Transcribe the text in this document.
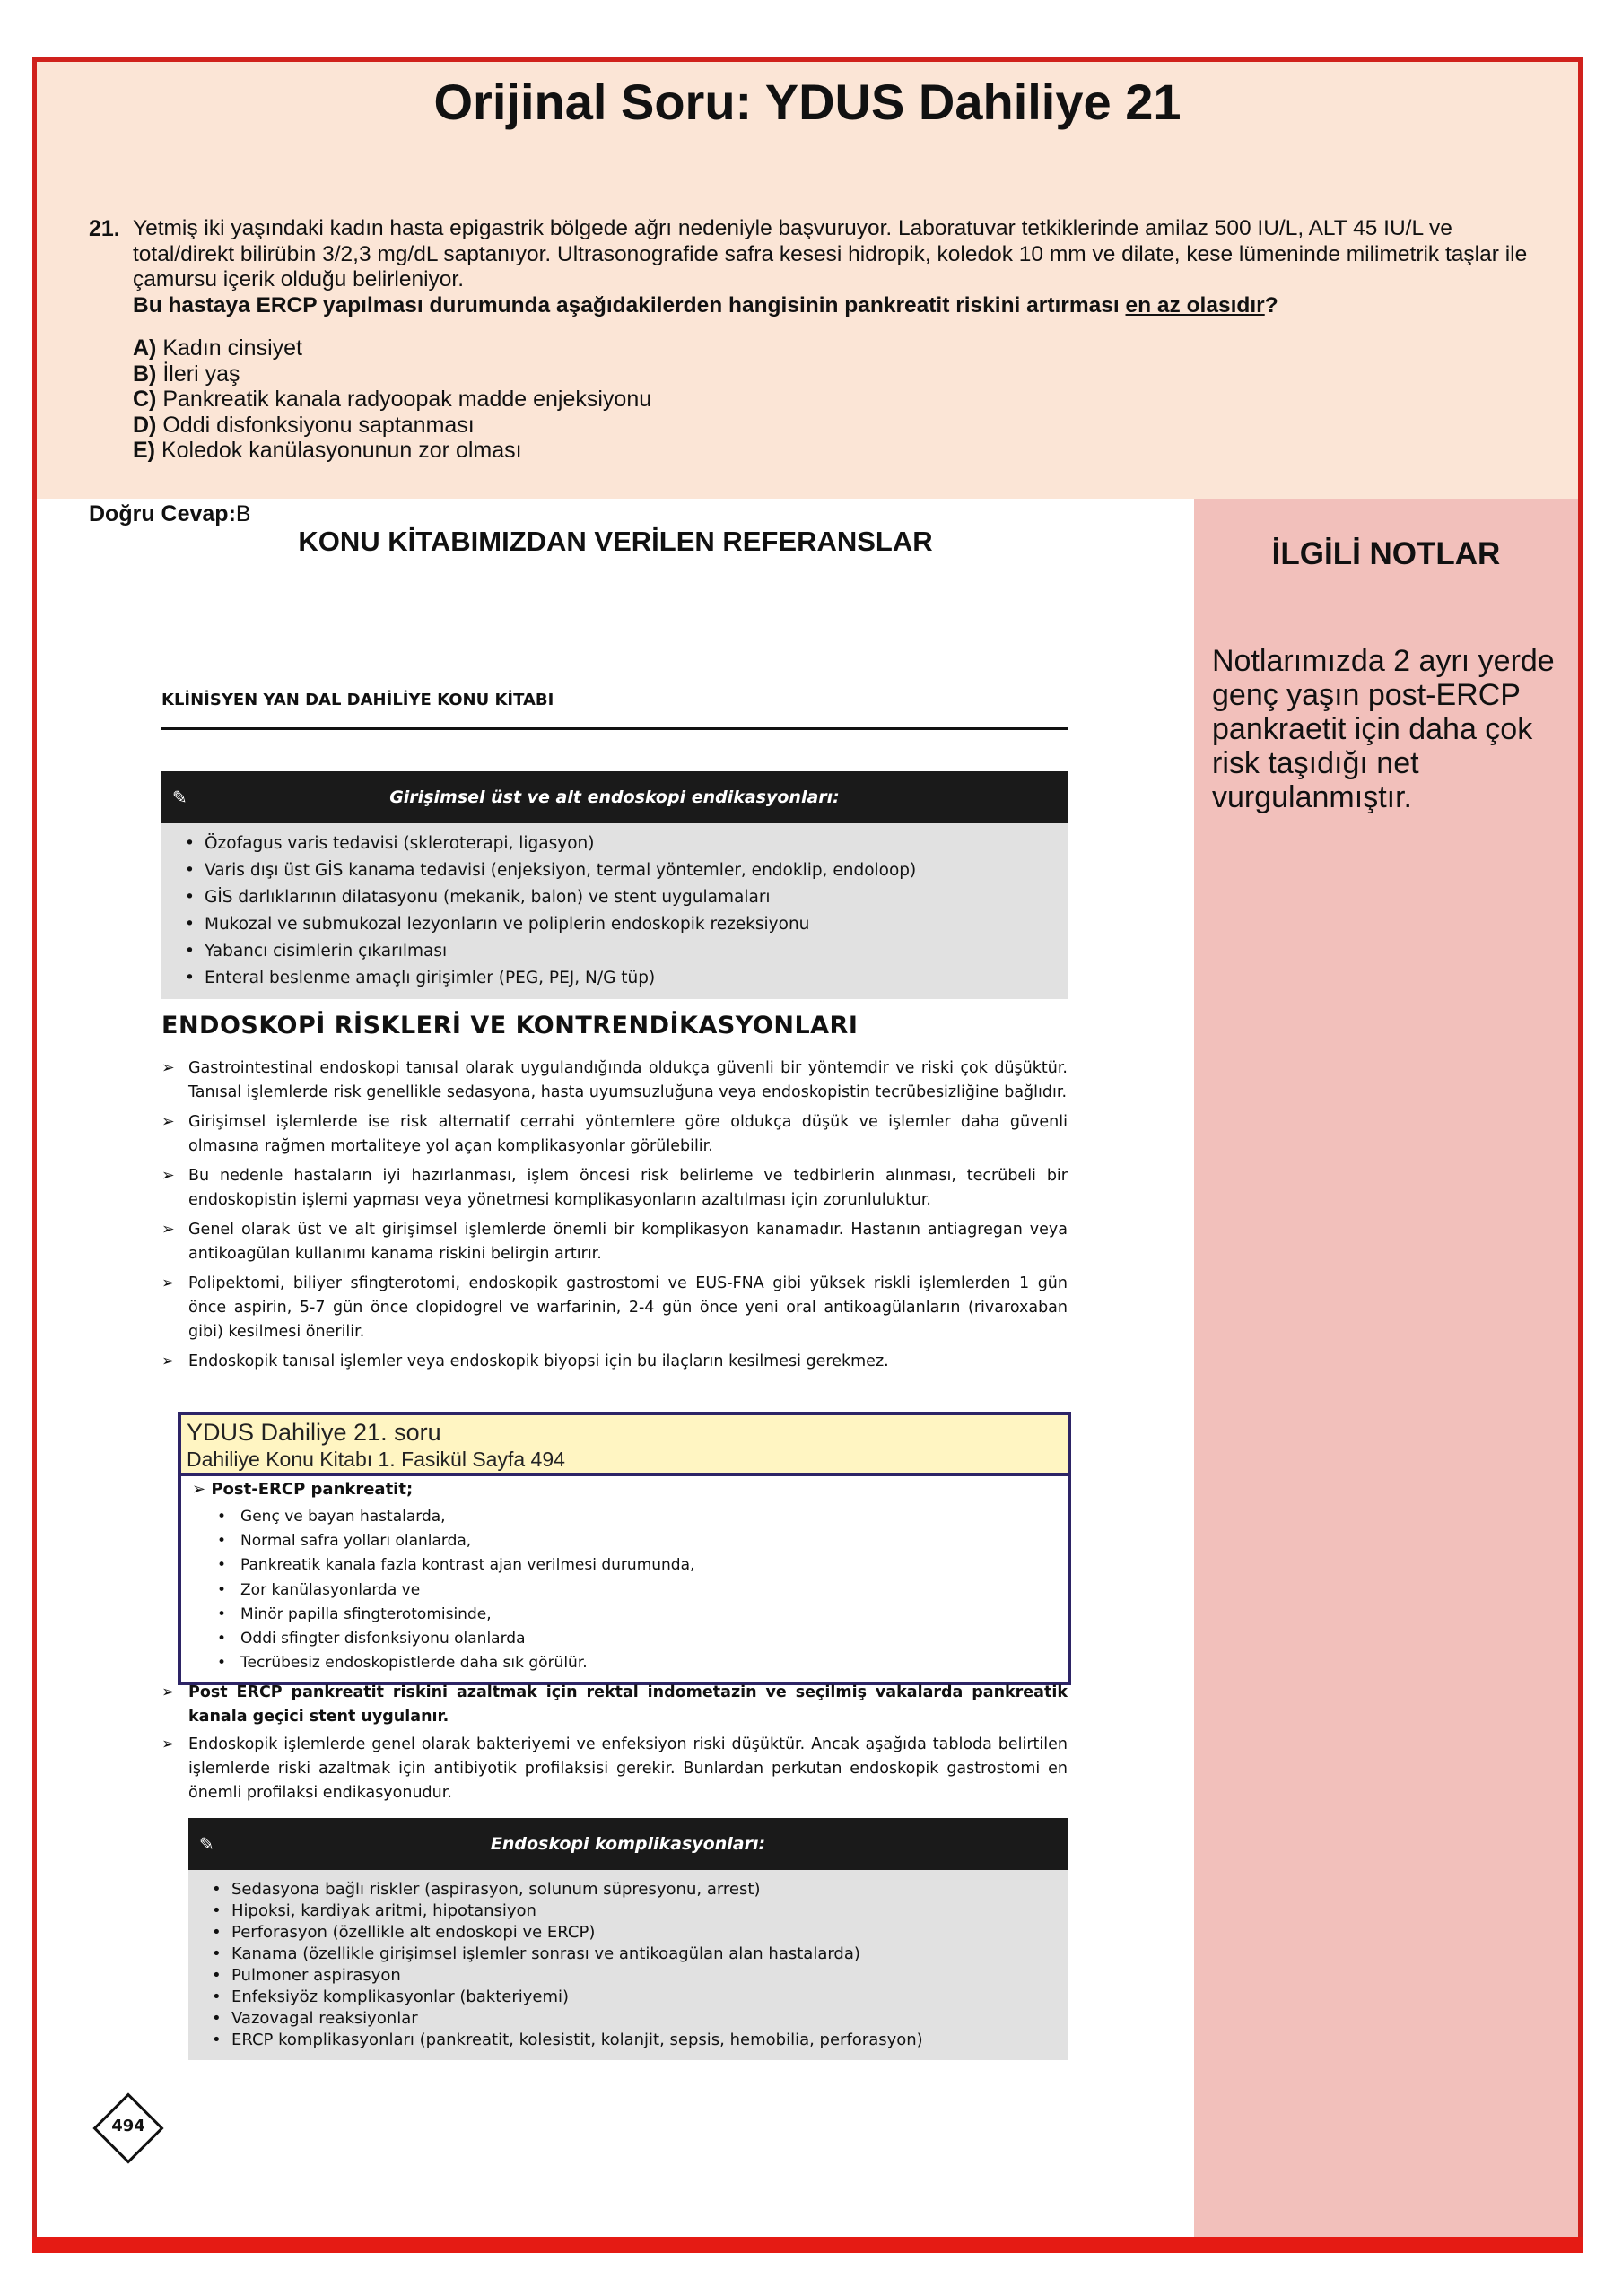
Orijinal Soru: YDUS Dahiliye 21
21. Yetmiş iki yaşındaki kadın hasta epigastrik bölgede ağrı nedeniyle başvuruyor. Laboratuvar tetkiklerinde amilaz 500 IU/L, ALT 45 IU/L ve total/direkt bilirübin 3/2,3 mg/dL saptanıyor. Ultrasonografide safra kesesi hidropik, koledok 10 mm ve dilate, kese lümeninde milimetrik taşlar ile çamursu içerik olduğu belirleniyor.
Bu hastaya ERCP yapılması durumunda aşağıdakilerden hangisinin pankreatit riskini artırması en az olasıdır?
A) Kadın cinsiyet
B) İleri yaş
C) Pankreatik kanala radyoopak madde enjeksiyonu
D) Oddi disfonksiyonu saptanması
E) Koledok kanülasyonunun zor olması
Doğru Cevap:B
KONU KİTABIMIZDAN VERİLEN REFERANSLAR	İLGİLİ NOTLAR
Notlarımızda 2 ayrı yerde genç yaşın post-ERCP pankraetit için daha çok risk taşıdığı net vurgulanmıştır.
KLİNİSYEN YAN DAL DAHİLİYE KONU KİTABI
✎	Girişimsel üst ve alt endoskopi endikasyonları:
• Özofagus varis tedavisi (skleroterapi, ligasyon)
• Varis dışı üst GİS kanama tedavisi (enjeksiyon, termal yöntemler, endoklip, endoloop)
• GİS darlıklarının dilatasyonu (mekanik, balon) ve stent uygulamaları
• Mukozal ve submukozal lezyonların ve poliplerin endoskopik rezeksiyonu
• Yabancı cisimlerin çıkarılması
• Enteral beslenme amaçlı girişimler (PEG, PEJ, N/G tüp)
ENDOSKOPİ RİSKLERİ VE KONTRENDİKASYONLARI

➢ Gastrointestinal endoskopi tanısal olarak uygulandığında oldukça güvenli bir yöntemdir ve riski çok düşüktür. Tanısal işlemlerde risk genellikle sedasyona, hasta uyumsuzluğuna veya endoskopistin tecrübesizliğine bağlıdır.

➢ Girişimsel işlemlerde ise risk alternatif cerrahi yöntemlere göre oldukça düşük ve işlemler daha güvenli olmasına rağmen mortaliteye yol açan komplikasyonlar görülebilir.

➢ Bu nedenle hastaların iyi hazırlanması, işlem öncesi risk belirleme ve tedbirlerin alınması, tecrübeli bir endoskopistin işlemi yapması veya yönetmesi komplikasyonların azaltılması için zorunluluktur.

➢ Genel olarak üst ve alt girişimsel işlemlerde önemli bir komplikasyon kanamadır. Hastanın antiagregan veya antikoagülan kullanımı kanama riskini belirgin artırır.

➢ Polipektomi, biliyer sfingterotomi, endoskopik gastrostomi ve EUS-FNA gibi yüksek riskli işlemlerden 1 gün önce aspirin, 5-7 gün önce clopidogrel ve warfarinin, 2-4 gün önce yeni oral antikoagülanların (rivaroxaban gibi) kesilmesi önerilir.

➢ Endoskopik tanısal işlemler veya endoskopik biyopsi için bu ilaçların kesilmesi gerekmez.

YDUS Dahiliye 21. soru
Dahiliye Konu Kitabı 1. Fasikül Sayfa 494
➢ Post-ERCP pankreatit;
• Genç ve bayan hastalarda,
• Normal safra yolları olanlarda,
• Pankreatik kanala fazla kontrast ajan verilmesi durumunda,
• Zor kanülasyonlarda ve
• Minör papilla sfingterotomisinde,
• Oddi sfingter disfonksiyonu olanlarda
• Tecrübesiz endoskopistlerde daha sık görülür.

➢ Post ERCP pankreatit riskini azaltmak için rektal indometazin ve seçilmiş vakalarda pankreatik kanala geçici stent uygulanır.

➢ Endoskopik işlemlerde genel olarak bakteriyemi ve enfeksiyon riski düşüktür. Ancak aşağıda tabloda belirtilen işlemlerde riski azaltmak için antibiyotik profilaksisi gerekir. Bunlardan perkutan endoskopik gastrostomi en önemli profilaksi endikasyonudur.

✎	Endoskopi komplikasyonları:
• Sedasyona bağlı riskler (aspirasyon, solunum süpresyonu, arrest)
• Hipoksi, kardiyak aritmi, hipotansiyon
• Perforasyon (özellikle alt endoskopi ve ERCP)
• Kanama (özellikle girişimsel işlemler sonrası ve antikoagülan alan hastalarda)
• Pulmoner aspirasyon
• Enfeksiyöz komplikasyonlar (bakteriyemi)
• Vazovagal reaksiyonlar
• ERCP komplikasyonları (pankreatit, kolesistit, kolanjit, sepsis, hemobilia, perforasyon)
494
